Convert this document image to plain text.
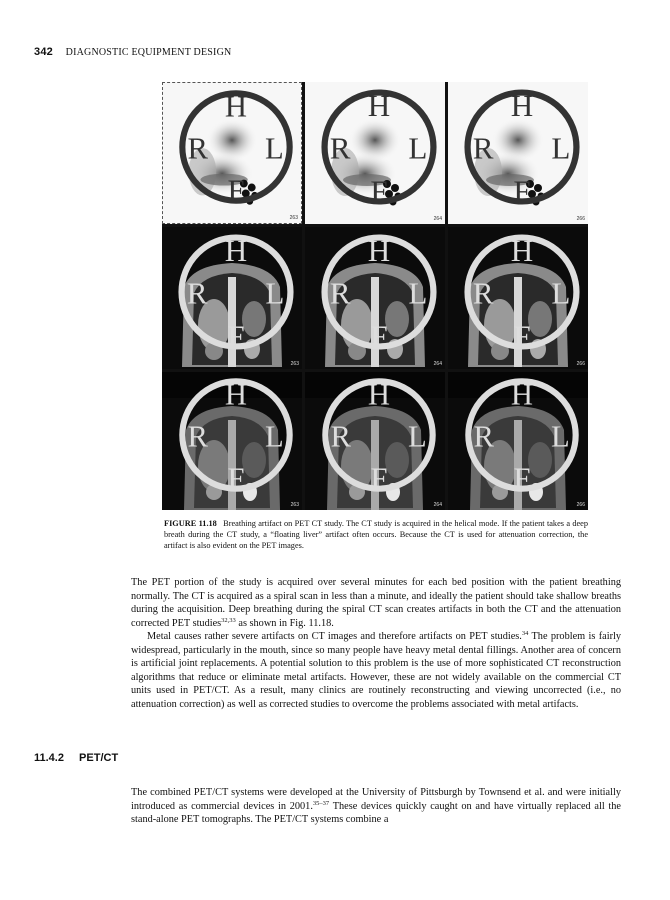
342 DIAGNOSTIC EQUIPMENT DESIGN
H
R	L
F
263
H
R	L
F
264
H
R	L
F
266
H
R	L
F
263
H
R	L
F
264
H
R	L
F
266
H
R	L
F
263
H
R	L
F
264
H
R	L
F
266
FIGURE 11.18 Breathing artifact on PET CT study. The CT study is acquired in the helical mode. If the patient takes a deep breath during the CT study, a “floating liver” artifact often occurs. Because the CT is used for attenuation correction, the artifact is also evident on the PET images.

The PET portion of the study is acquired over several minutes for each bed position with the patient breathing normally. The CT is acquired as a spiral scan in less than a minute, and ideally the patient should take shallow breaths during the acquisition. Deep breathing during the spiral CT scan creates artifacts in both the CT and the attenuation corrected PET studies$^{32,33}$ as shown in Fig. 11.18.

Metal causes rather severe artifacts on CT images and therefore artifacts on PET studies.$^{34}$ The problem is fairly widespread, particularly in the mouth, since so many people have heavy metal dental fillings. Another area of concern is artificial joint replacements. A potential solution to this problem is the use of more sophisticated CT reconstruction algorithms that reduce or eliminate metal artifacts. However, these are not widely available on the commercial CT units used in PET/CT. As a result, many clinics are routinely reconstructing and viewing uncorrected (i.e., no attenuation correction) as well as corrected studies to overcome the problems associated with metal artifacts.

11.4.2 PET/CT

The combined PET/CT systems were developed at the University of Pittsburgh by Townsend et al. and were initially introduced as commercial devices in 2001.$^{35-37}$ These devices quickly caught on and have virtually replaced all the stand-alone PET tomographs. The PET/CT systems combine a
